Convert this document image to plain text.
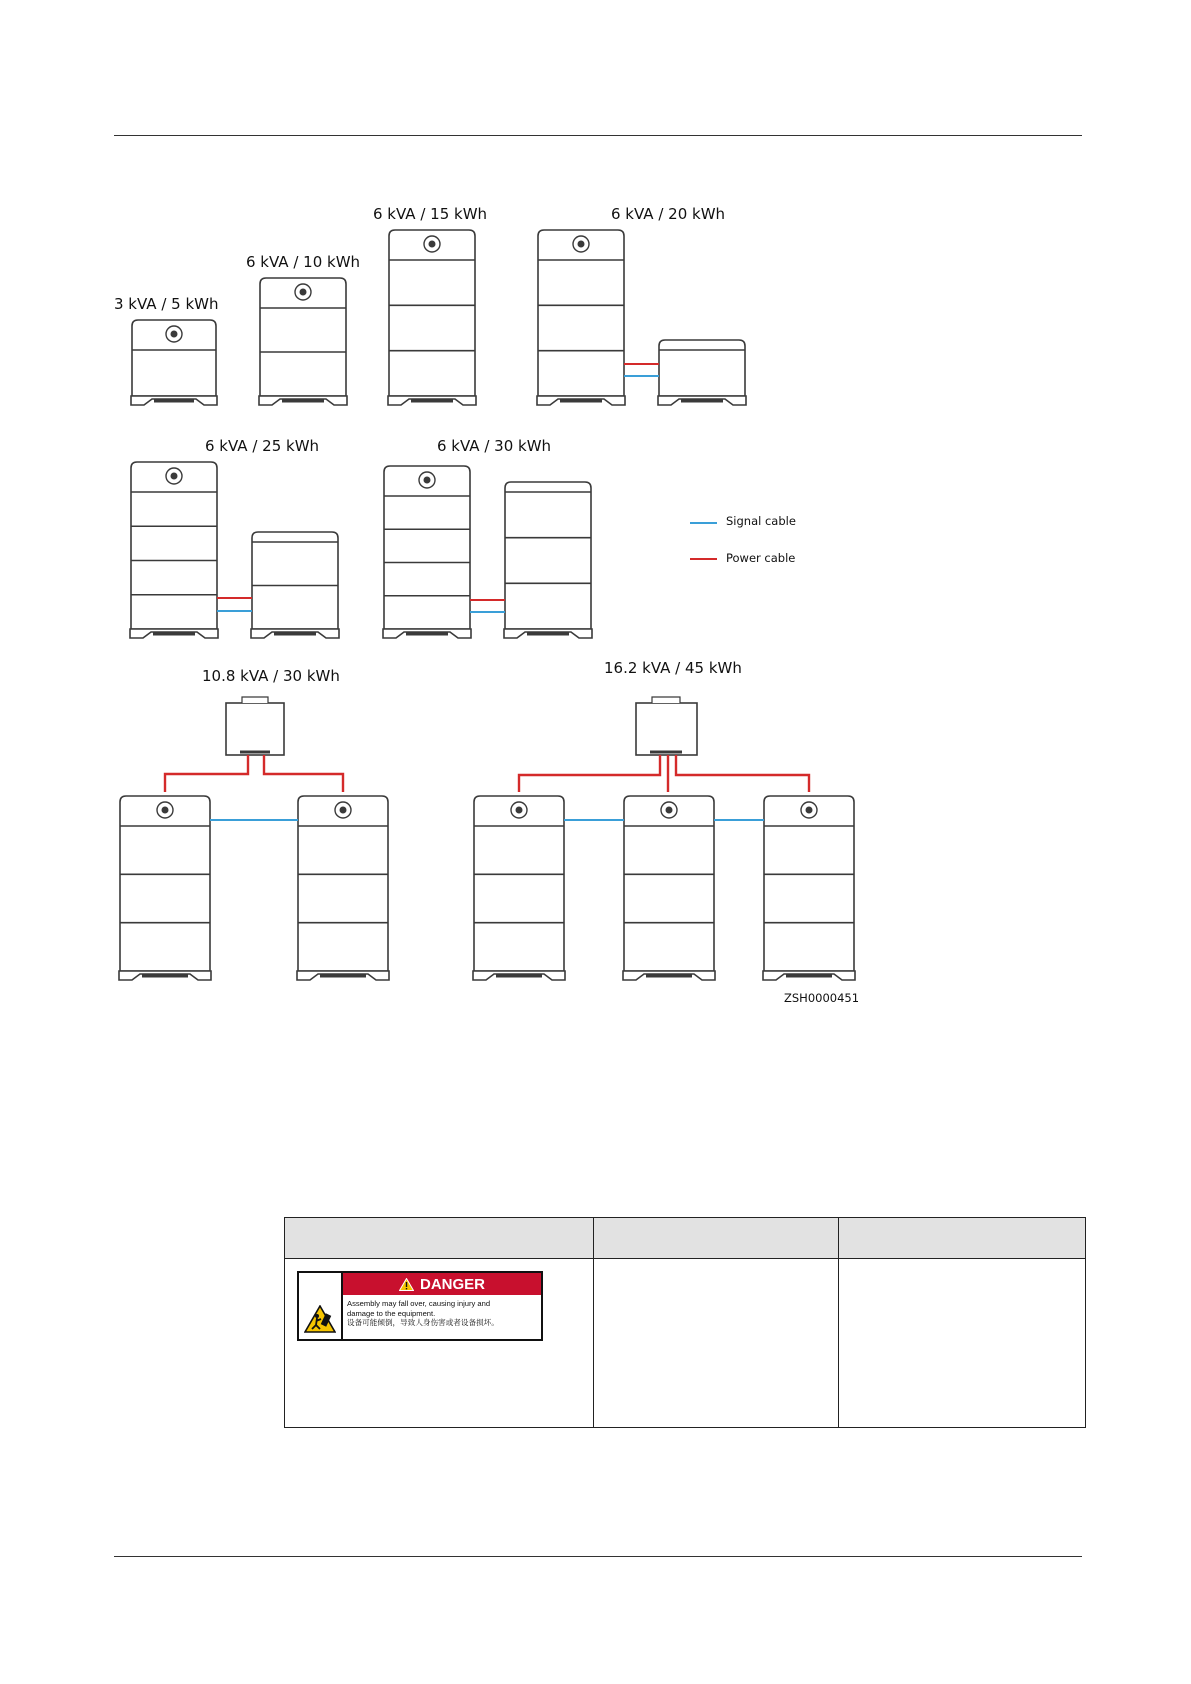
3 kVA / 5 kWh
6 kVA / 10 kWh
6 kVA / 15 kWh	6 kVA / 20 kWh
6 kVA / 25 kWh	6 kVA / 30 kWh
10.8 kVA / 30 kWh	16.2 kVA / 45 kWh
Signal cable
Power cable
ZSH0000451

DANGER
Assembly may fall over, causing injury and
damage to the equipment.
设备可能倾倒，导致人身伤害或者设备损坏。		
